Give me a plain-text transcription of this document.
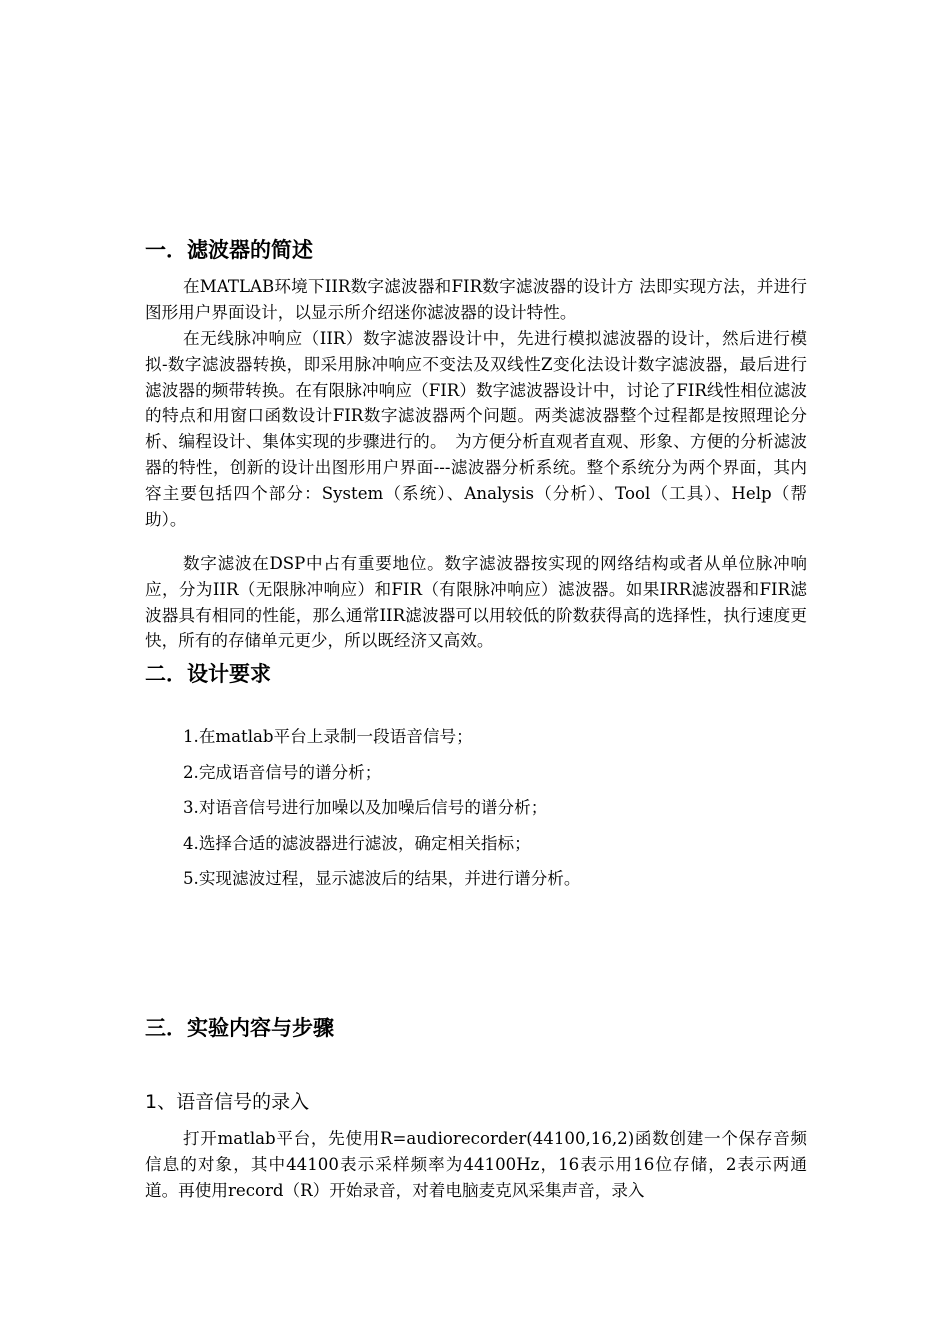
一．滤波器的简述

在MATLAB环境下IIR数字滤波器和FIR数字滤波器的设计方 法即实现方法，并进行图形用户界面设计，以显示所介绍迷你滤波器的设计特性。

在无线脉冲响应（IIR）数字滤波器设计中，先进行模拟滤波器的设计，然后进行模拟-数字滤波器转换，即采用脉冲响应不变法及双线性Z变化法设计数字滤波器，最后进行滤波器的频带转换。在有限脉冲响应（FIR）数字滤波器设计中，讨论了FIR线性相位滤波的特点和用窗口函数设计FIR数字滤波器两个问题。两类滤波器整个过程都是按照理论分析、编程设计、集体实现的步骤进行的。　为方便分析直观者直观、形象、方便的分析滤波器的特性，创新的设计出图形用户界面---滤波器分析系统。整个系统分为两个界面，其内容主要包括四个部分：System（系统）、Analysis（分析）、Tool（工具）、Help（帮助）。

数字滤波在DSP中占有重要地位。数字滤波器按实现的网络结构或者从单位脉冲响应，分为IIR（无限脉冲响应）和FIR（有限脉冲响应）滤波器。如果IRR滤波器和FIR滤波器具有相同的性能，那么通常IIR滤波器可以用较低的阶数获得高的选择性，执行速度更快，所有的存储单元更少，所以既经济又高效。

二．设计要求
1.在matlab平台上录制一段语音信号；
2.完成语音信号的谱分析；
3.对语音信号进行加噪以及加噪后信号的谱分析；
4.选择合适的滤波器进行滤波，确定相关指标；
5.实现滤波过程，显示滤波后的结果，并进行谱分析。
三．实验内容与步骤
1、语音信号的录入

打开matlab平台，先使用R=audiorecorder(44100,16,2)函数创建一个保存音频信息的对象，其中44100表示采样频率为44100Hz，16表示用16位存储，2表示两通道。再使用record（R）开始录音，对着电脑麦克风采集声音，录入
